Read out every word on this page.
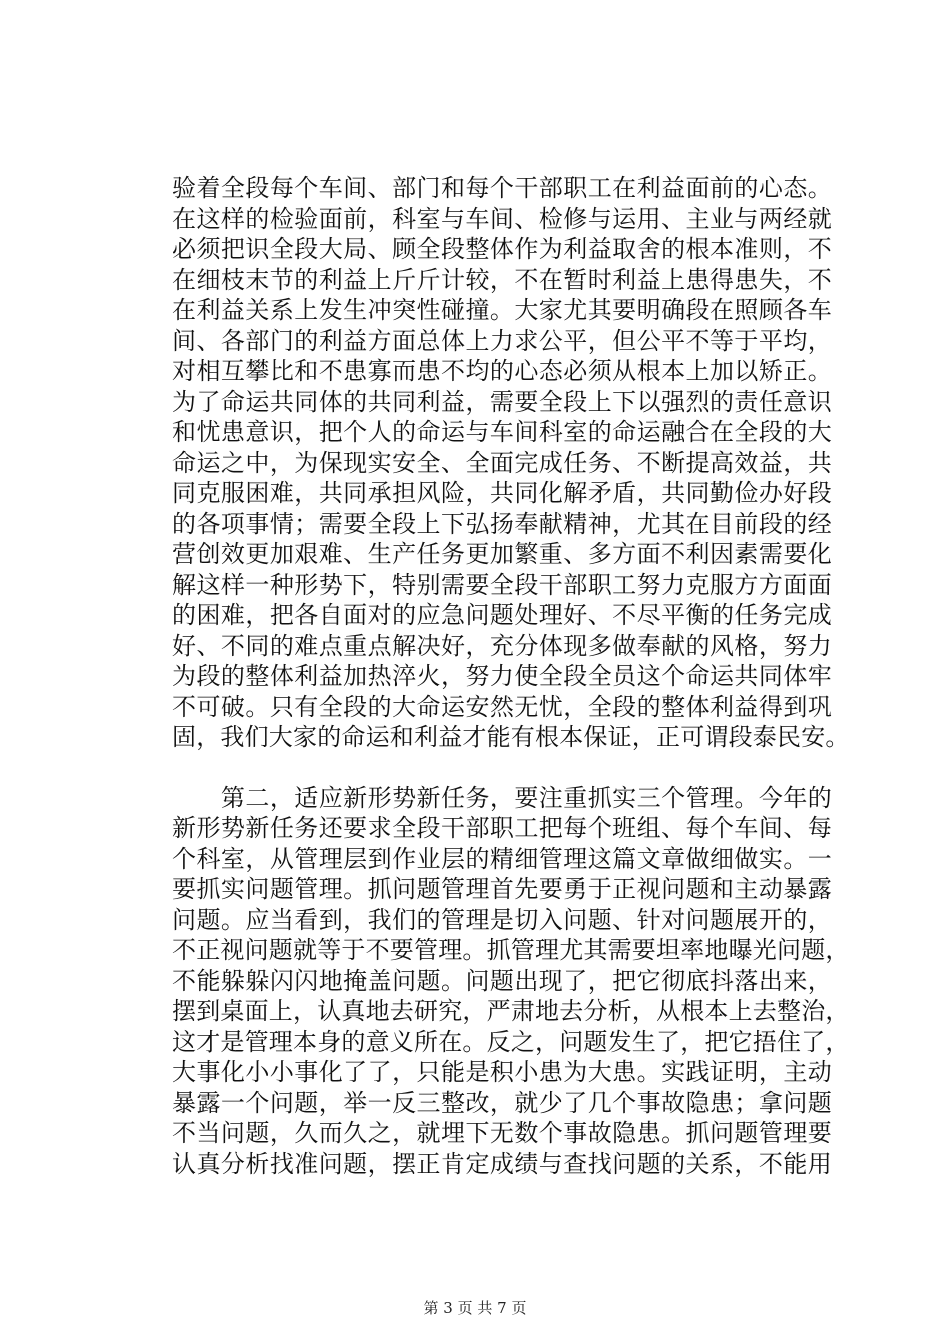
验着全段每个车间、部门和每个干部职工在利益面前的心态。
在这样的检验面前，科室与车间、检修与运用、主业与两经就
必须把识全段大局、顾全段整体作为利益取舍的根本准则，不
在细枝末节的利益上斤斤计较，不在暂时利益上患得患失，不
在利益关系上发生冲突性碰撞。大家尤其要明确段在照顾各车
间、各部门的利益方面总体上力求公平，但公平不等于平均，
对相互攀比和不患寡而患不均的心态必须从根本上加以矫正。
为了命运共同体的共同利益，需要全段上下以强烈的责任意识
和忧患意识，把个人的命运与车间科室的命运融合在全段的大
命运之中，为保现实安全、全面完成任务、不断提高效益，共
同克服困难，共同承担风险，共同化解矛盾，共同勤俭办好段
的各项事情；需要全段上下弘扬奉献精神，尤其在目前段的经
营创效更加艰难、生产任务更加繁重、多方面不利因素需要化
解这样一种形势下，特别需要全段干部职工努力克服方方面面
的困难，把各自面对的应急问题处理好、不尽平衡的任务完成
好、不同的难点重点解决好，充分体现多做奉献的风格，努力
为段的整体利益加热淬火，努力使全段全员这个命运共同体牢
不可破。只有全段的大命运安然无忧，全段的整体利益得到巩
固，我们大家的命运和利益才能有根本保证，正可谓段泰民安。
　　第二，适应新形势新任务，要注重抓实三个管理。今年的
新形势新任务还要求全段干部职工把每个班组、每个车间、每
个科室，从管理层到作业层的精细管理这篇文章做细做实。一
要抓实问题管理。抓问题管理首先要勇于正视问题和主动暴露
问题。应当看到，我们的管理是切入问题、针对问题展开的，
不正视问题就等于不要管理。抓管理尤其需要坦率地曝光问题，
不能躲躲闪闪地掩盖问题。问题出现了，把它彻底抖落出来，
摆到桌面上，认真地去研究，严肃地去分析，从根本上去整治，
这才是管理本身的意义所在。反之，问题发生了，把它捂住了，
大事化小小事化了了，只能是积小患为大患。实践证明，主动
暴露一个问题，举一反三整改，就少了几个事故隐患；拿问题
不当问题，久而久之，就埋下无数个事故隐患。抓问题管理要
认真分析找准问题，摆正肯定成绩与查找问题的关系，不能用
第 3 页 共 7 页
